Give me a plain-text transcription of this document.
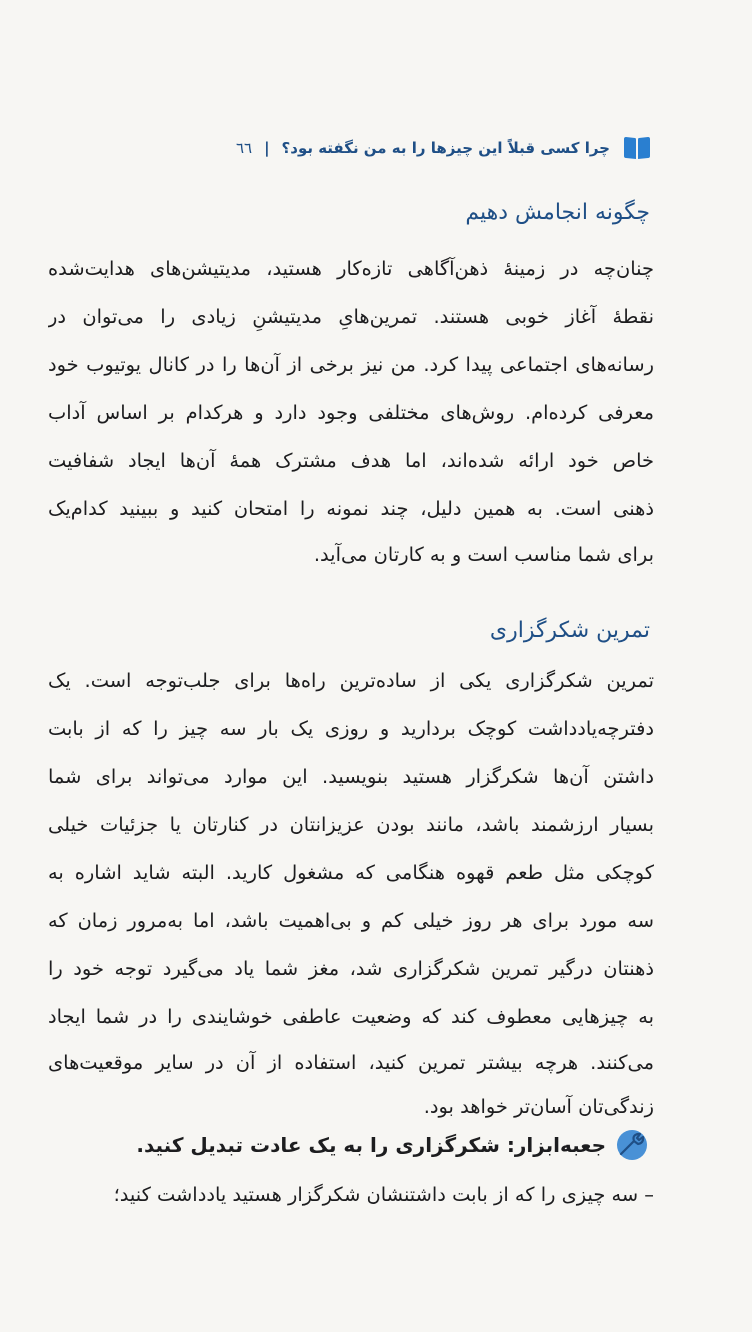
چرا کسی قبلاً این چیزها را به من نگفته بود؟
|
٦٦
چگونه انجامش دهیم
چنان‌چه در زمینهٔ ذهن‌آگاهی تازه‌کار هستید، مدیتیشن‌های هدایت‌شده
نقطهٔ آغاز خوبی هستند. تمرین‌هایِ مدیتیشنِ زیادی را می‌توان در
رسانه‌های اجتماعی پیدا کرد. من نیز برخی از آن‌ها را در کانال یوتیوب خود
معرفی کرده‌ام. روش‌های مختلفی وجود دارد و هرکدام بر اساس آداب
خاص خود ارائه شده‌اند، اما هدف مشترک همهٔ آن‌ها ایجاد شفافیت
ذهنی است. به همین دلیل، چند نمونه را امتحان کنید و ببینید کدام‌یک
برای شما مناسب است و به کارتان می‌آید.
تمرین شکرگزاری
تمرین شکرگزاری یکی از ساده‌ترین راه‌ها برای جلب‌توجه است. یک
دفترچه‌یادداشت کوچک بردارید و روزی یک بار سه چیز را که از بابت
داشتن آن‌ها شکرگزار هستید بنویسید. این موارد می‌تواند برای شما
بسیار ارزشمند باشد، مانند بودن عزیزانتان در کنارتان یا جزئیات خیلی
کوچکی مثل طعم قهوه هنگامی که مشغول کارید. البته شاید اشاره به
سه مورد برای هر روز خیلی کم و بی‌اهمیت باشد، اما به‌مرور زمان که
ذهنتان درگیر تمرین شکرگزاری شد، مغز شما یاد می‌گیرد توجه خود را
به چیزهایی معطوف کند که وضعیت عاطفی خوشایندی را در شما ایجاد
می‌کنند. هرچه بیشتر تمرین کنید، استفاده از آن در سایر موقعیت‌های
زندگی‌تان آسان‌تر خواهد بود.
جعبه‌ابزار: شکرگزاری را به یک عادت تبدیل کنید.
– سه چیزی را که از بابت داشتنشان شکرگزار هستید یادداشت کنید؛
